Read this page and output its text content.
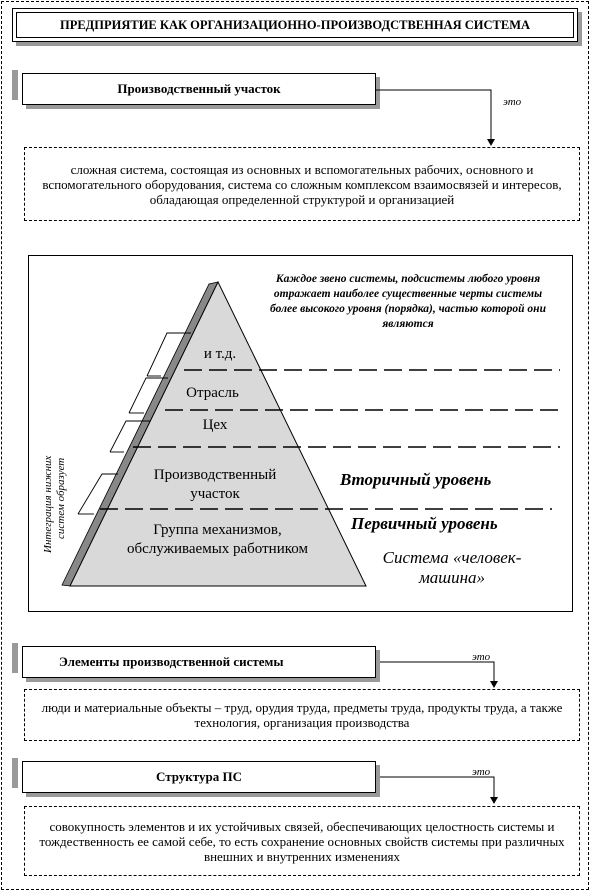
ПРЕДПРИЯТИЕ КАК ОРГАНИЗАЦИОННО-ПРОИЗВОДСТВЕННАЯ СИСТЕМА
Производственный участок
это
сложная система, состоящая из основных и вспомогательных рабочих, основного и вспомогательного оборудования, система со сложным комплексом взаимосвязей и интересов, обладающая определенной структурой и организацией
Каждое звено системы, подсистемы любого уровня отражает наиболее существенные черты системы более высокого уровня (порядка), частью которой они являются
и т.д.
Отрасль
Цех
Производственный
участок
Группа механизмов,
обслуживаемых работником
Вторичный уровень
Первичный уровень
Система «человек-
машина»
Интеграция нижних систем образует
Элементы производственной системы	это
люди и материальные объекты – труд, орудия труда, предметы труда, продукты труда, а также технология, организация производства
Структура ПС	это
совокупность элементов и их устойчивых связей, обеспечивающих целостность системы и тождественность ее самой себе, то есть сохранение основных свойств системы при различных внешних и внутренних изменениях
